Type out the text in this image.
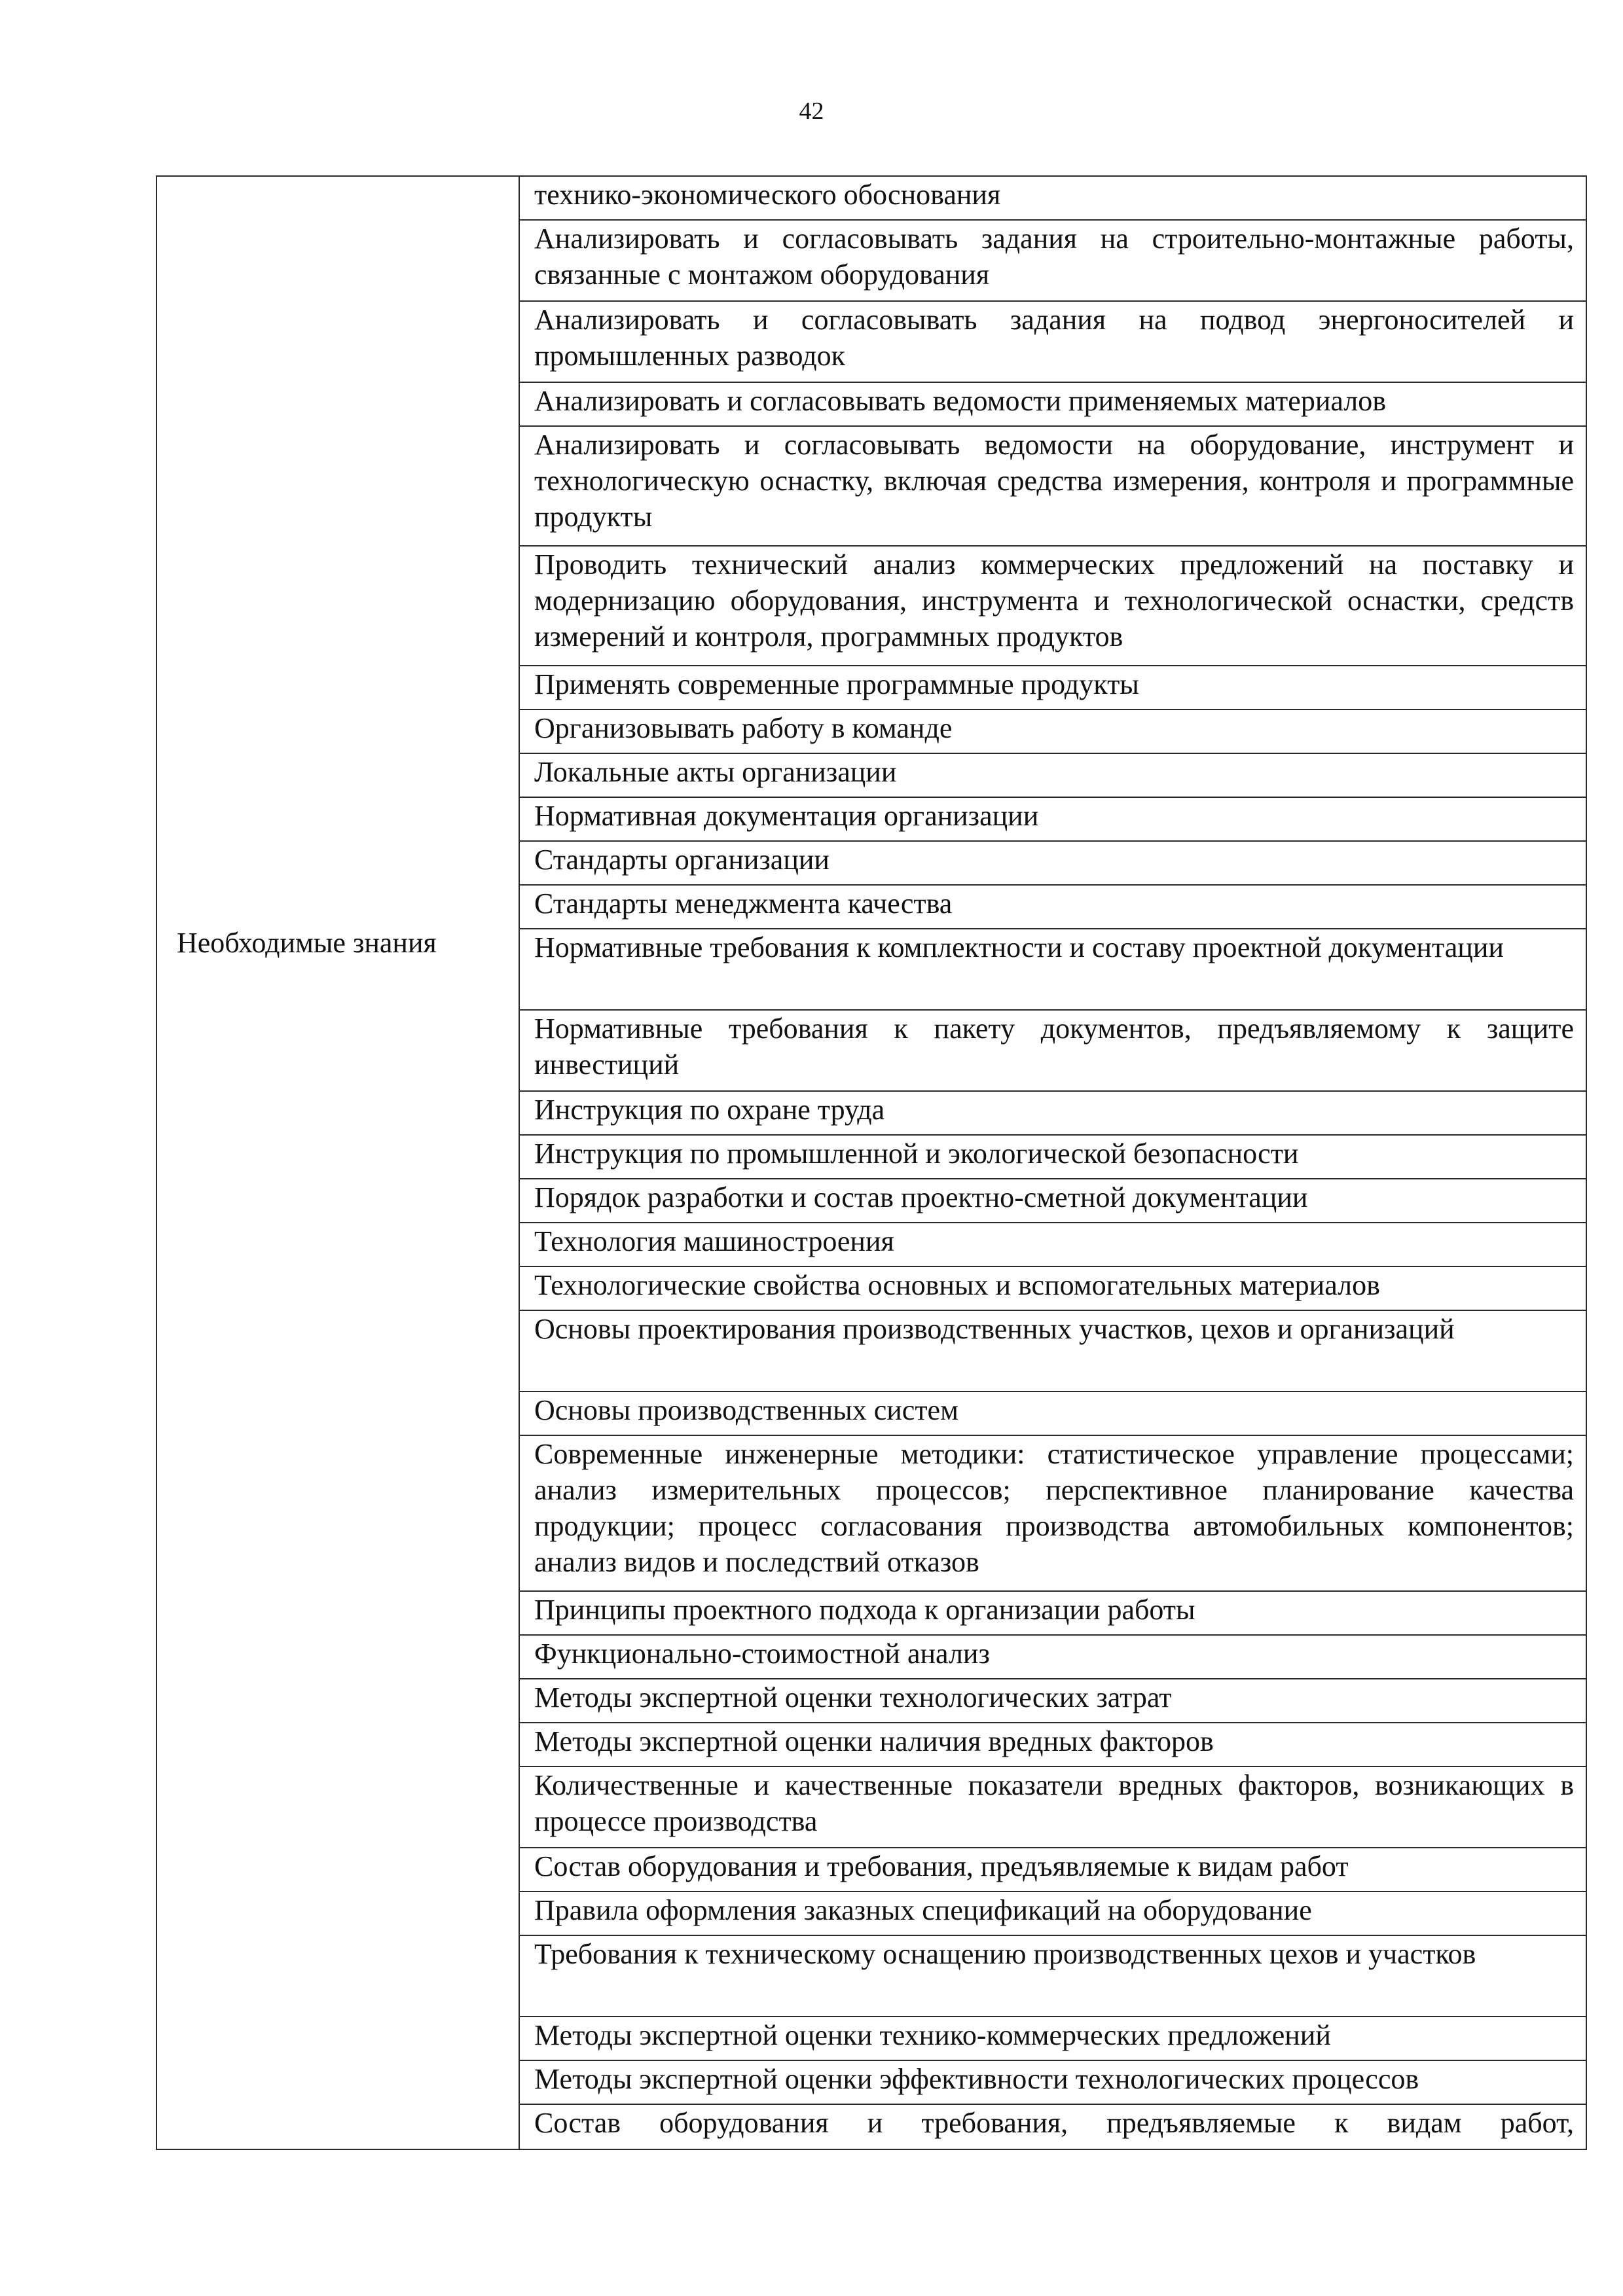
42
Необходимые знания

технико-экономического обоснования
Анализировать и согласовывать задания на строительно-монтажные работы, связанные с монтажом оборудования
Анализировать и согласовывать задания на подвод энергоносителей и промышленных разводок
Анализировать и согласовывать ведомости применяемых материалов
Анализировать и согласовывать ведомости на оборудование, инструмент и технологическую оснастку, включая средства измерения, контроля и программные продукты
Проводить технический анализ коммерческих предложений на поставку и модернизацию оборудования, инструмента и технологической оснастки, средств измерений и контроля, программных продуктов
Применять современные программные продукты
Организовывать работу в команде
Локальные акты организации
Нормативная документация организации
Стандарты организации
Стандарты менеджмента качества
Нормативные требования к комплектности и составу проектной документации
Нормативные требования к пакету документов, предъявляемому к защите инвестиций
Инструкция по охране труда
Инструкция по промышленной и экологической безопасности
Порядок разработки и состав проектно-сметной документации
Технология машиностроения
Технологические свойства основных и вспомогательных материалов
Основы проектирования производственных участков, цехов и организаций
Основы производственных систем
Современные инженерные методики: статистическое управление процессами; анализ измерительных процессов; перспективное планирование качества продукции; процесс согласования производства автомобильных компонентов; анализ видов и последствий отказов
Принципы проектного подхода к организации работы
Функционально-стоимостной анализ
Методы экспертной оценки технологических затрат
Методы экспертной оценки наличия вредных факторов
Количественные и качественные показатели вредных факторов, возникающих в процессе производства
Состав оборудования и требования, предъявляемые к видам работ
Правила оформления заказных спецификаций на оборудование
Требования к техническому оснащению производственных цехов и участков
Методы экспертной оценки технико-коммерческих предложений
Методы экспертной оценки эффективности технологических процессов
Состав оборудования и требования, предъявляемые к видам работ,
